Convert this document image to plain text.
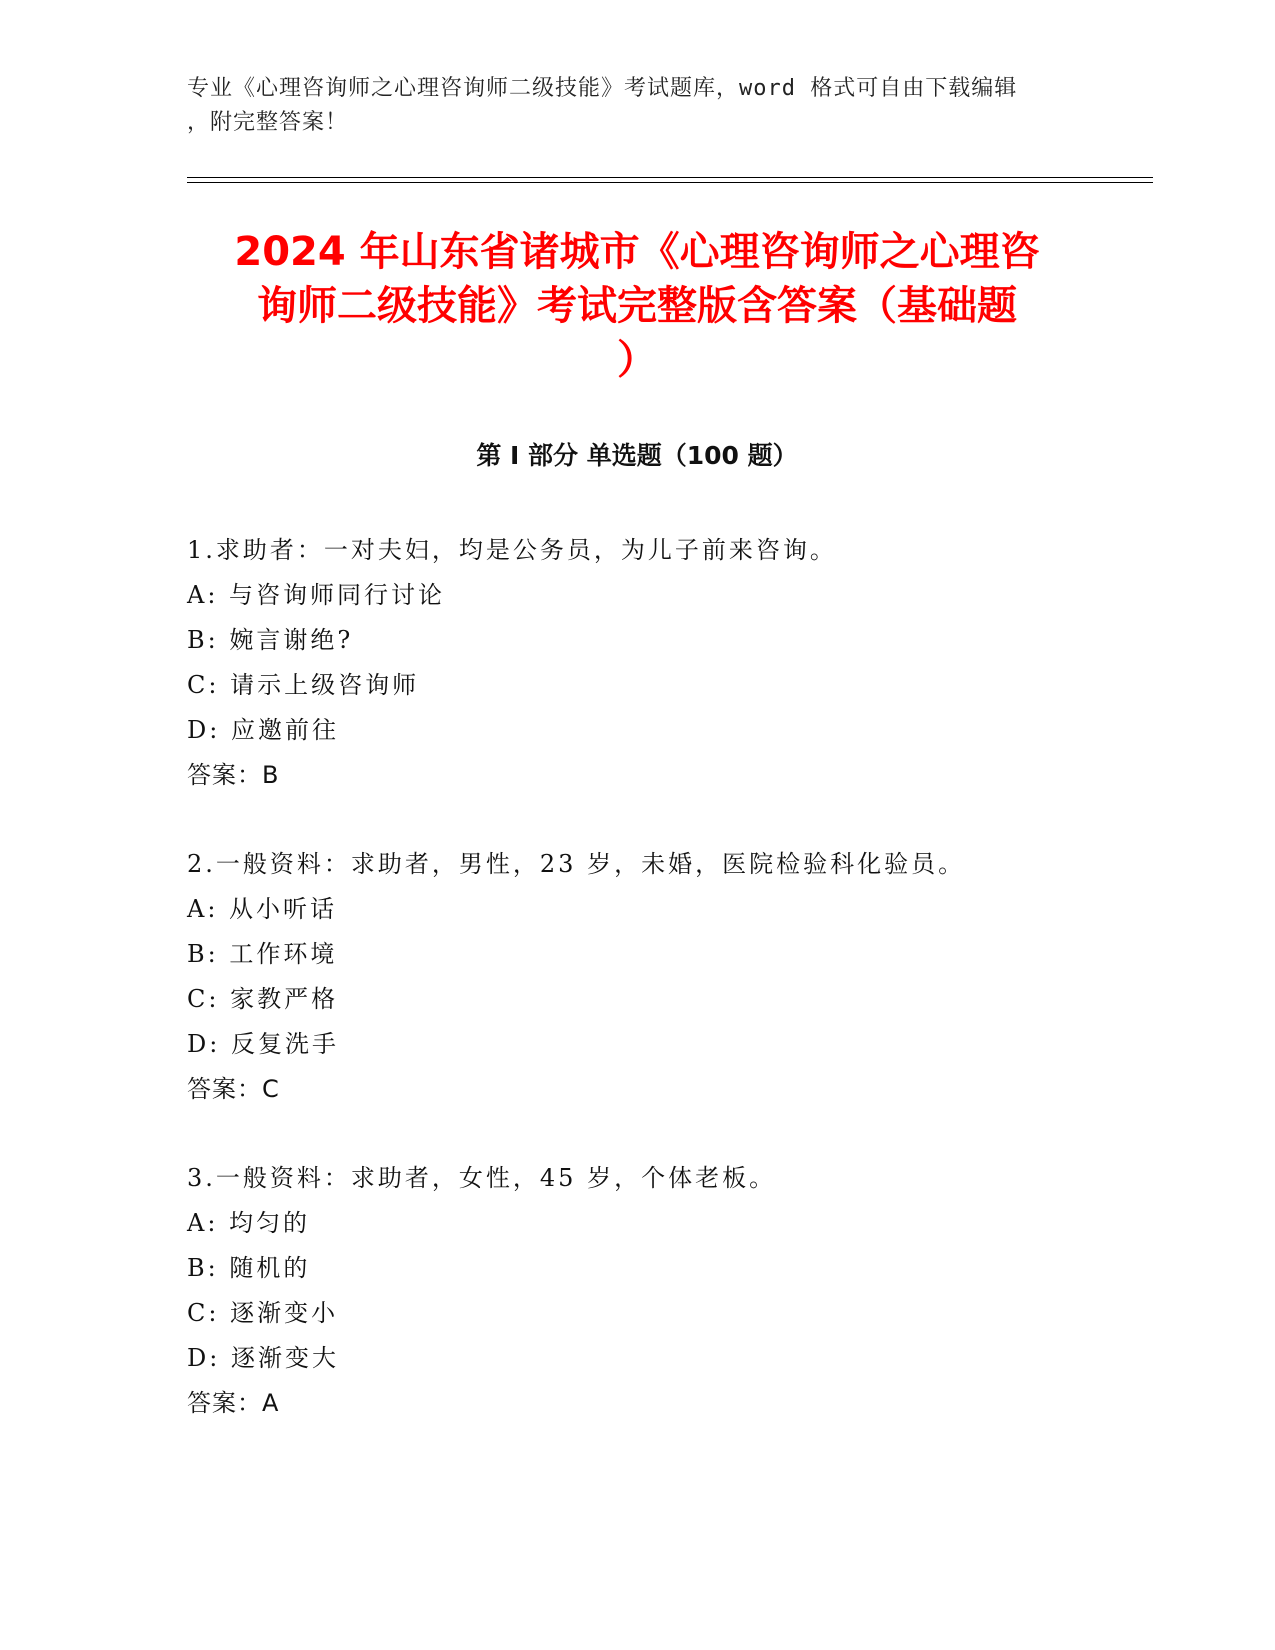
专业《心理咨询师之心理咨询师二级技能》考试题库，word 格式可自由下载编辑
，附完整答案！
2024 年山东省诸城市《心理咨询师之心理咨
询师二级技能》考试完整版含答案（基础题
）
第 I 部分 单选题（100 题）
1.求助者：一对夫妇，均是公务员，为儿子前来咨询。
A: 与咨询师同行讨论
B: 婉言谢绝?
C: 请示上级咨询师
D: 应邀前往
答案：B
2.一般资料：求助者，男性，23 岁，未婚，医院检验科化验员。
A: 从小听话
B: 工作环境
C: 家教严格
D: 反复洗手
答案：C
3.一般资料：求助者，女性，45 岁，个体老板。
A: 均匀的
B: 随机的
C: 逐渐变小
D: 逐渐变大
答案：A
